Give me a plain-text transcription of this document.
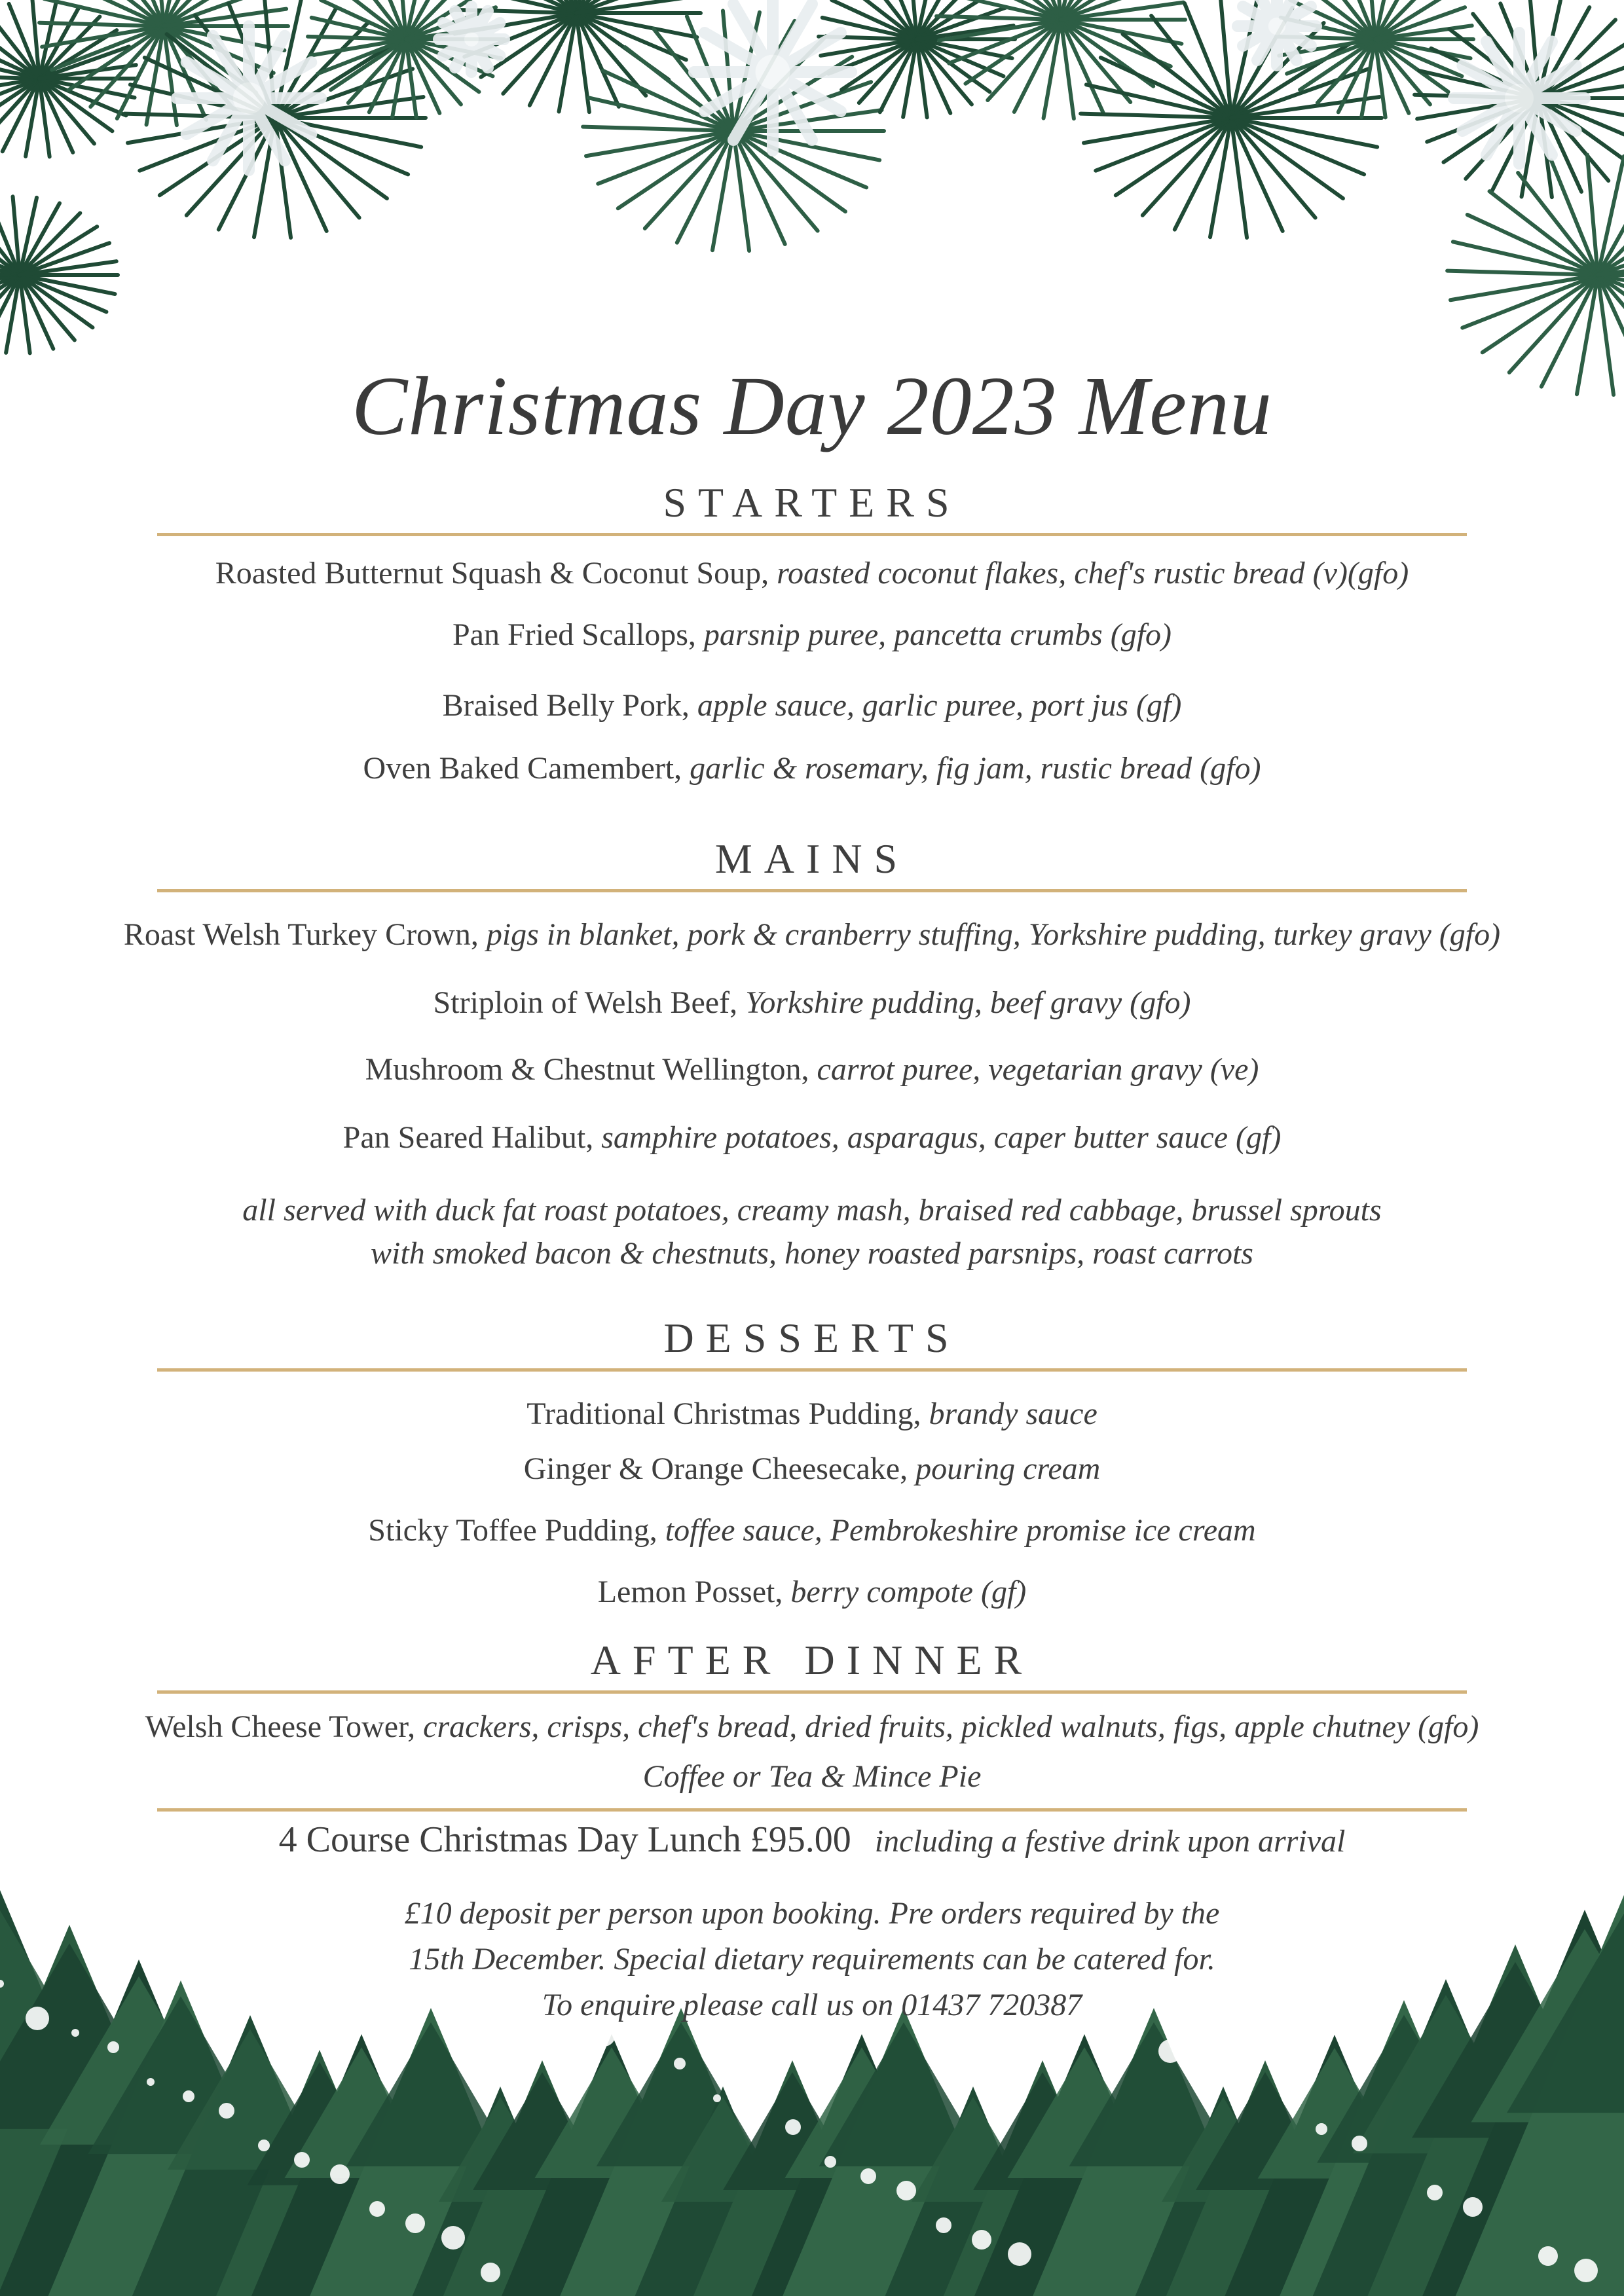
Christmas Day 2023 Menu
STARTERS
Roasted Butternut Squash & Coconut Soup, roasted coconut flakes, chef's rustic bread (v)(gfo)
Pan Fried Scallops, parsnip puree, pancetta crumbs (gfo)
Braised Belly Pork, apple sauce, garlic puree, port jus (gf)
Oven Baked Camembert, garlic & rosemary, fig jam, rustic bread (gfo)
MAINS
Roast Welsh Turkey Crown, pigs in blanket, pork & cranberry stuffing, Yorkshire pudding, turkey gravy (gfo)
Striploin of Welsh Beef, Yorkshire pudding, beef gravy (gfo)
Mushroom & Chestnut Wellington, carrot puree, vegetarian gravy (ve)
Pan Seared Halibut, samphire potatoes, asparagus, caper butter sauce (gf)
all served with duck fat roast potatoes, creamy mash, braised red cabbage, brussel sprouts
with smoked bacon & chestnuts, honey roasted parsnips, roast carrots
DESSERTS
Traditional Christmas Pudding, brandy sauce
Ginger & Orange Cheesecake, pouring cream
Sticky Toffee Pudding, toffee sauce, Pembrokeshire promise ice cream
Lemon Posset, berry compote (gf)
AFTER DINNER
Welsh Cheese Tower, crackers, crisps, chef's bread, dried fruits, pickled walnuts, figs, apple chutney (gfo)
Coffee or Tea & Mince Pie
4 Course Christmas Day Lunch £95.00 including a festive drink upon arrival
£10 deposit per person upon booking. Pre orders required by the
15th December. Special dietary requirements can be catered for.
To enquire please call us on 01437 720387
